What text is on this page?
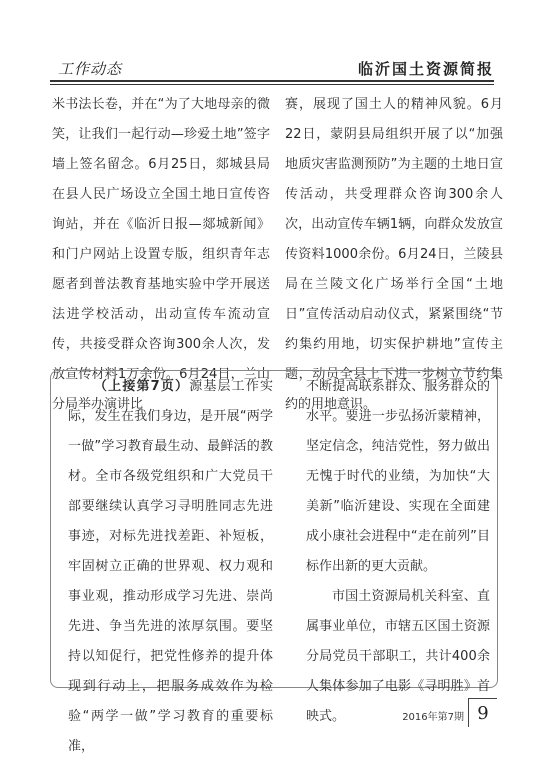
工作动态	临沂国土资源简报

米书法长卷，并在“为了大地母亲的微笑，让我们一起行动—珍爱土地”签字墙上签名留念。6月25日，郯城县局在县人民广场设立全国土地日宣传咨询站，并在《临沂日报—郯城新闻》和门户网站上设置专版，组织青年志愿者到普法教育基地实验中学开展送法进学校活动，出动宣传车流动宣传，共接受群众咨询300余人次，发放宣传材料1万余份。6月24日，兰山分局举办演讲比

赛，展现了国土人的精神风貌。6月22日，蒙阴县局组织开展了以“加强地质灾害监测预防”为主题的土地日宣传活动，共受理群众咨询300余人次，出动宣传车辆1辆，向群众发放宣传资料1000余份。6月24日，兰陵县局在兰陵文化广场举行全国“土地日”宣传活动启动仪式，紧紧围绕“节约集约用地，切实保护耕地”宣传主题，动员全县上下进一步树立节约集约的用地意识。

（上接第7页）源基层工作实际，发生在我们身边，是开展“两学一做”学习教育最生动、最鲜活的教材。全市各级党组织和广大党员干部要继续认真学习寻明胜同志先进事迹，对标先进找差距、补短板，牢固树立正确的世界观、权力观和事业观，推动形成学习先进、崇尚先进、争当先进的浓厚氛围。要坚持以知促行，把党性修养的提升体现到行动上，把服务成效作为检验“两学一做”学习教育的重要标准，

不断提高联系群众、服务群众的水平。要进一步弘扬沂蒙精神，坚定信念，纯洁党性，努力做出无愧于时代的业绩，为加快“大美新”临沂建设、实现在全面建成小康社会进程中“走在前列”目标作出新的更大贡献。

市国土资源局机关科室、直属事业单位，市辖五区国土资源分局党员干部职工，共计400余人集体参加了电影《寻明胜》首映式。	2016年第7期 9
